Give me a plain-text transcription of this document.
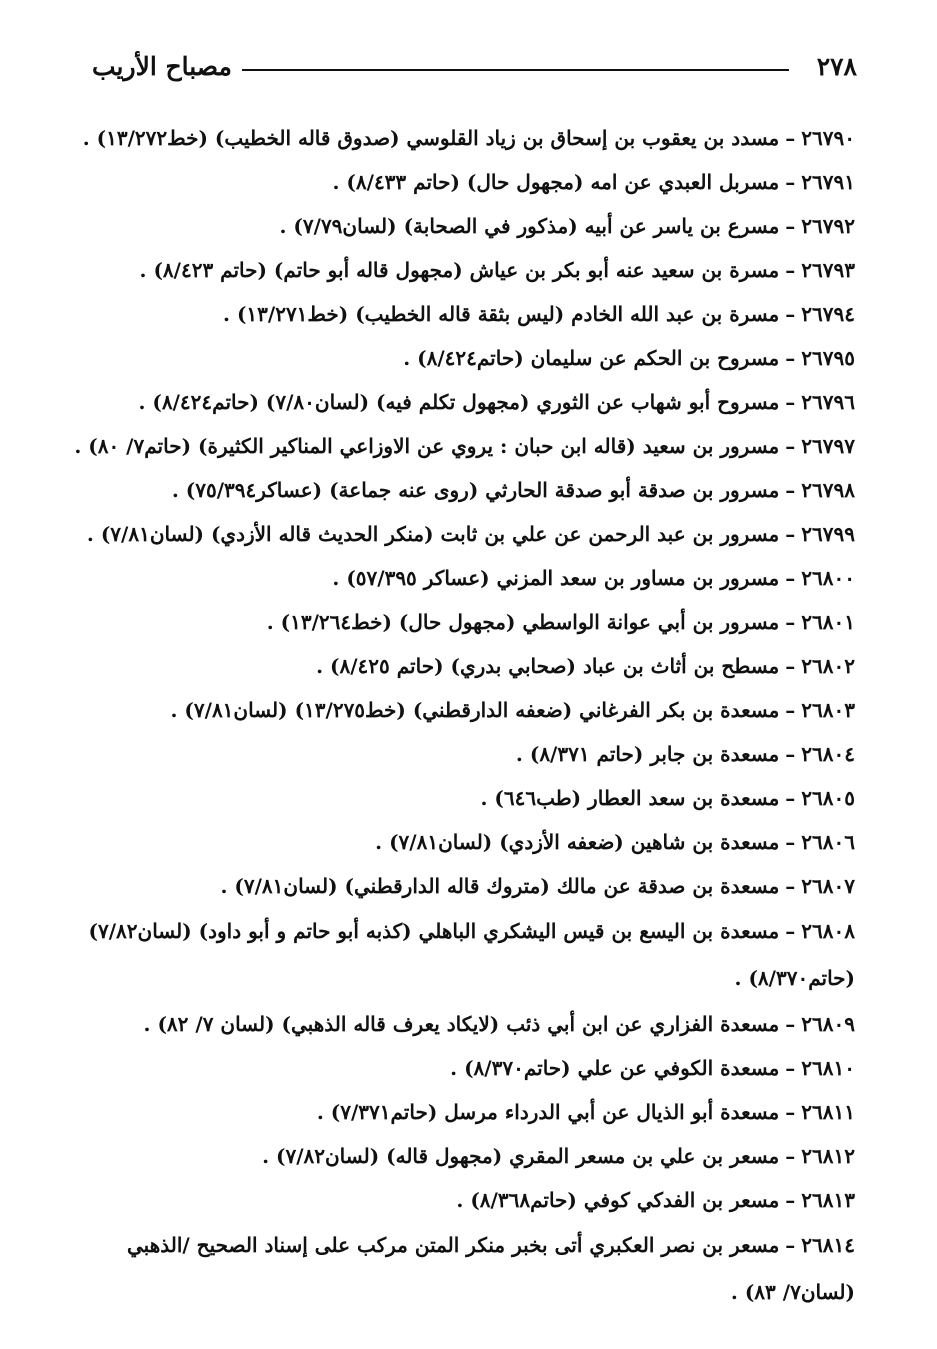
٢٧٨
مصباح الأريب

٢٦٧٩٠–مسدد بن يعقوب بن إسحاق بن زياد القلوسي (صدوق قاله الخطيب) (خط١٣/٢٧٢) .

٢٦٧٩١–مسربل العبدي عن امه (مجهول حال) (حاتم ٨/٤٣٣) .

٢٦٧٩٢–مسرع بن ياسر عن أبيه (مذكور في الصحابة) (لسان٧/٧٩) .

٢٦٧٩٣–مسرة بن سعيد عنه أبو بكر بن عياش (مجهول قاله أبو حاتم) (حاتم ٨/٤٢٣) .

٢٦٧٩٤–مسرة بن عبد الله الخادم (ليس بثقة قاله الخطيب) (خط١٣/٢٧١) .

٢٦٧٩٥–مسروح بن الحكم عن سليمان (حاتم٨/٤٢٤) .

٢٦٧٩٦–مسروح أبو شهاب عن الثوري (مجهول تكلم فيه) (لسان٧/٨٠) (حاتم٨/٤٢٤) .

٢٦٧٩٧–مسرور بن سعيد (قاله ابن حبان : يروي عن الاوزاعي المناكير الكثيرة) (حاتم٧/ ٨٠) .

٢٦٧٩٨–مسرور بن صدقة أبو صدقة الحارثي (روى عنه جماعة) (عساكر٧٥/٣٩٤) .

٢٦٧٩٩–مسرور بن عبد الرحمن عن علي بن ثابت (منكر الحديث قاله الأزدي) (لسان٧/٨١) .

٢٦٨٠٠–مسرور بن مساور بن سعد المزني (عساكر ٥٧/٣٩٥) .

٢٦٨٠١–مسرور بن أبي عوانة الواسطي (مجهول حال) (خط١٣/٢٦٤) .

٢٦٨٠٢–مسطح بن أثاث بن عباد (صحابي بدري) (حاتم ٨/٤٢٥) .

٢٦٨٠٣–مسعدة بن بكر الفرغاني (ضعفه الدارقطني) (خط١٣/٢٧٥) (لسان٧/٨١) .

٢٦٨٠٤–مسعدة بن جابر (حاتم ٨/٣٧١) .

٢٦٨٠٥–مسعدة بن سعد العطار (طب٦٤٦) .

٢٦٨٠٦–مسعدة بن شاهين (ضعفه الأزدي) (لسان٧/٨١) .

٢٦٨٠٧–مسعدة بن صدقة عن مالك (متروك قاله الدارقطني) (لسان٧/٨١) .

٢٦٨٠٨–مسعدة بن اليسع بن قيس اليشكري الباهلي (كذبه أبو حاتم و أبو داود) (لسان٧/٨٢) (حاتم٨/٣٧٠) .

٢٦٨٠٩–مسعدة الفزاري عن ابن أبي ذئب (لايكاد يعرف قاله الذهبي) (لسان ٧/ ٨٢) .

٢٦٨١٠–مسعدة الكوفي عن علي (حاتم٨/٣٧٠) .

٢٦٨١١–مسعدة أبو الذيال عن أبي الدرداء مرسل (حاتم٧/٣٧١) .

٢٦٨١٢–مسعر بن علي بن مسعر المقري (مجهول قاله) (لسان٧/٨٢) .

٢٦٨١٣–مسعر بن الفدكي كوفي (حاتم٨/٣٦٨) .

٢٦٨١٤–مسعر بن نصر العكبري أتى بخبر منكر المتن مركب على إسناد الصحيح /الذهبي (لسان٧/ ٨٣) .
